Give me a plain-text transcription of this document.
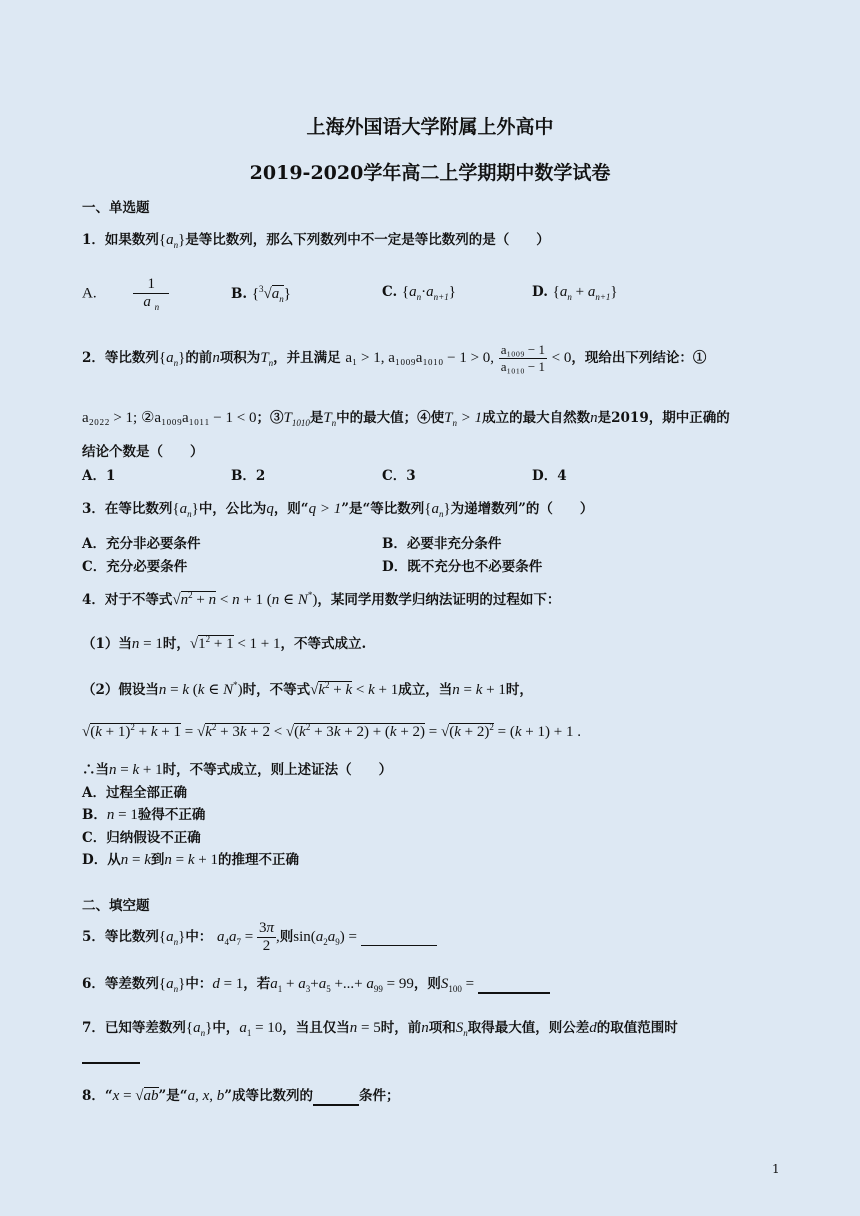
上海外国语大学附属上外高中
2019-2020学年高二上学期期中数学试卷
一、单选题
1．如果数列$\{a_n\}$是等比数列，那么下列数列中不一定是等比数列的是（　　）
A. $\frac{1}{a _n}$	B. $\{^3√a_n\}$	C. $\{a_n\cdot a_{n+1}\}$	D. $\{a_n + a_{n+1}\}$
2．等比数列$\{a_n\}$的前n项积为$T_n$，并且满足 a₁ > 1, a₁₀₀₉a₁₀₁₀ − 1 > 0, $\frac{\text{a₁₀₀₉ − 1}}{\text{a₁₀₁₀ − 1}} < 0$，现给出下列结论：①
a₂₀₂₂ > 1; ②a₁₀₀₉a₁₀₁₁ − 1 < 0；$③T_{1010}$是$T_n$中的最大值；④使$T_n > 1$成立的最大自然数n是2019，期中正确的
结论个数是（　　）
A．1	B．2	C．3	D．4
3．在等比数列$\{a_n\}$中，公比为q，则“q > 1”是“等比数列$\{a_n\}$为递增数列”的（　　）
A．充分非必要条件	B．必要非充分条件
C．充分必要条件	D．既不充分也不必要条件
4．对于不等式$√n^2 + n < n + 1$ (n ∈ N*)，某同学用数学归纳法证明的过程如下：
（1）当n = 1时，$√1^2 + 1 < 1 + 1$，不等式成立.
（2）假设当n = k (k ∈ N*)时，不等式$√k^2 + k < k + 1$成立，当n = k + 1时，
$√(k + 1)^2 + k + 1 = √k^2 + 3k + 2 < √(k^2 + 3k + 2) + (k + 2) = √(k + 2)^2 = (k + 1) + 1$ .
∴当n = k + 1时，不等式成立，则上述证法（　　）
A．过程全部正确
B．n = 1验得不正确
C．归纳假设不正确
D．从n = k到n = k + 1的推理不正确
二、填空题
5．等比数列$\{a_n\}$中： $a_4a_7 = \frac{3\pi}{2}$ ,则$\sin(a_2a_9)$ =
6．等差数列$\{a_n\}$中：d = 1，若$a_1 + a_3+a_5$ +...+ $a_{99} = 99$，则$S_{100}$ =
7．已知等差数列$\{a_n\}$中，$a_1 = 10$，当且仅当n = 5时，前n项和$S_n$取得最大值，则公差d的取值范围时
8．“x = √ab”是“a, x, b”成等比数列的	条件；
1
